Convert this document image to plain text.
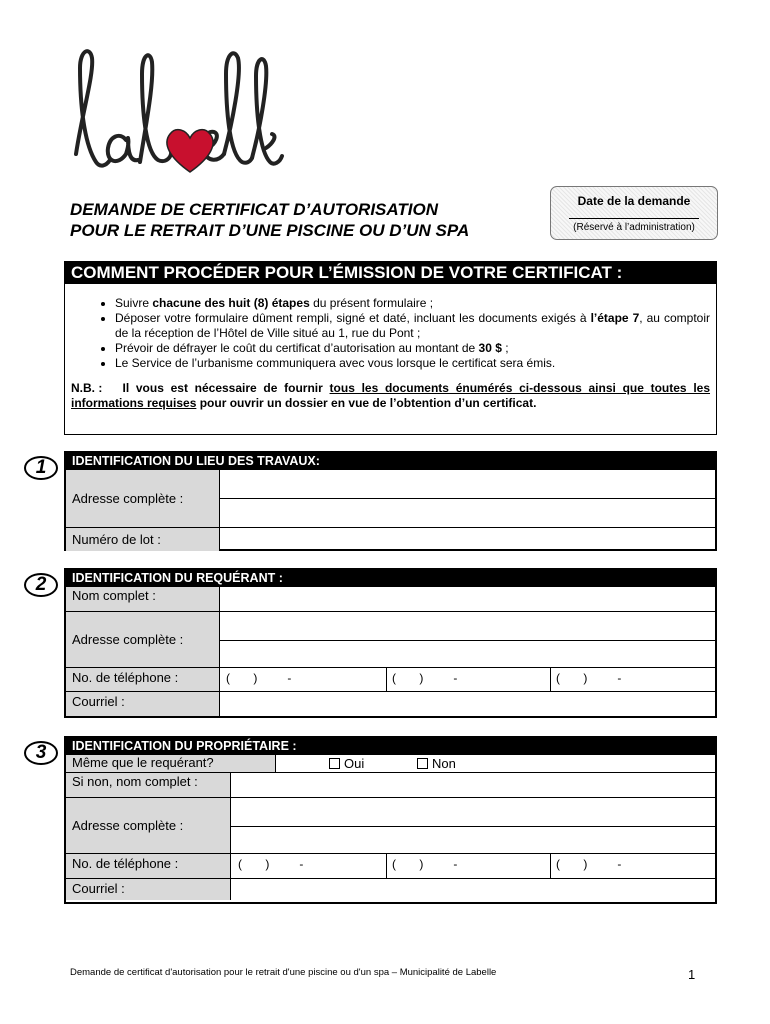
DEMANDE DE CERTIFICAT D’AUTORISATION
POUR LE RETRAIT D’UNE PISCINE OU D’UN SPA
Date de la demande
(Réservé à l’administration)
COMMENT PROCÉDER POUR L’ÉMISSION DE VOTRE CERTIFICAT :
• Suivre chacune des huit (8) étapes du présent formulaire ;
• Déposer votre formulaire dûment rempli, signé et daté, incluant les documents exigés à l’étape 7, au comptoir de la réception de l’Hôtel de Ville situé au 1, rue du Pont ;
• Prévoir de défrayer le coût du certificat d’autorisation au montant de 30 $ ;
• Le Service de l’urbanisme communiquera avec vous lorsque le certificat sera émis.
N.B. : Il vous est nécessaire de fournir tous les documents énumérés ci-dessous ainsi que toutes les informations requises pour ouvrir un dossier en vue de l’obtention d’un certificat.
1	IDENTIFICATION DU LIEU DES TRAVAUX:
Adresse complète :
Numéro de lot :
2	IDENTIFICATION DU REQUÉRANT :
Nom complet :
Adresse complète :
No. de téléphone :	(       )         -	(       )         -	(       )         -
Courriel :
3	IDENTIFICATION DU PROPRIÉTAIRE :
Même que le requérant?	Oui	Non
Si non, nom complet :
Adresse complète :
No. de téléphone :	(       )         -	(       )         -	(       )         -
Courriel :
Demande de certificat d'autorisation pour le retrait d'une piscine ou d'un spa – Municipalité de Labelle	1
